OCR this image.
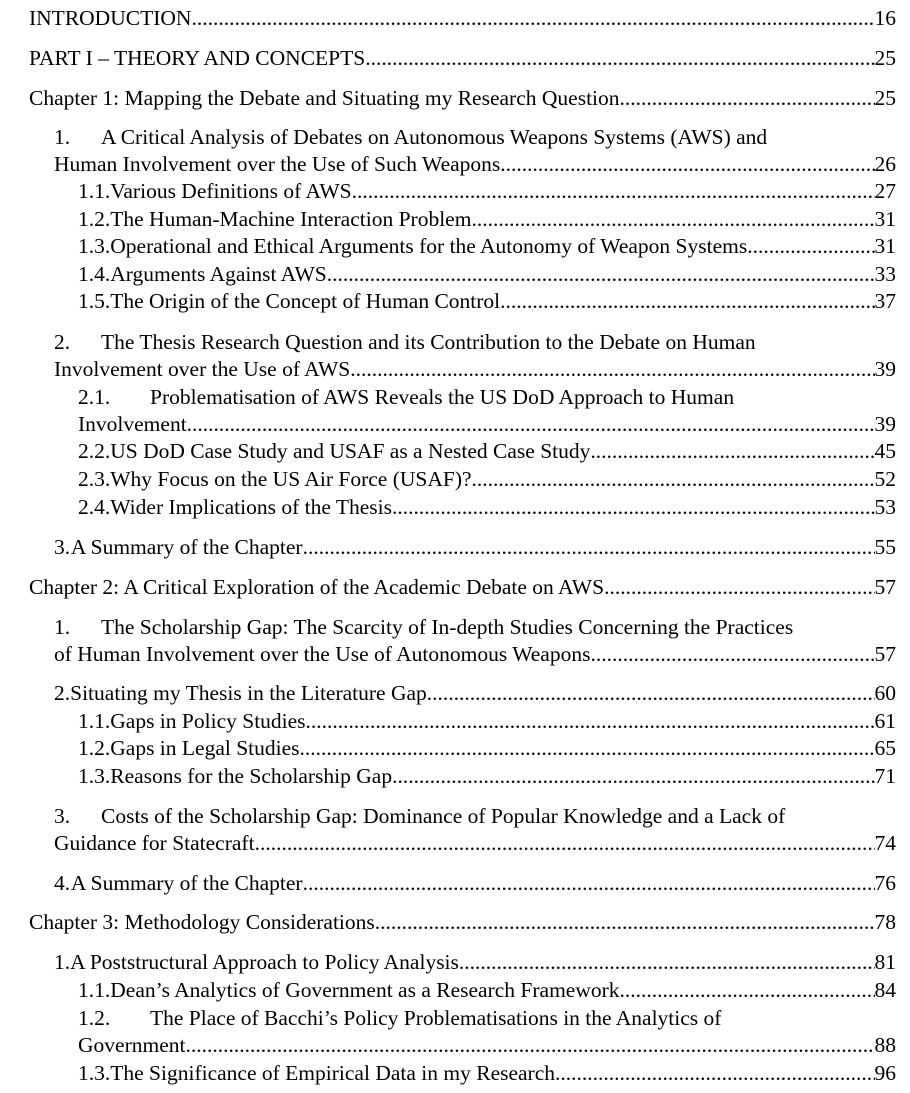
INTRODUCTION .....	16
PART I – THEORY AND CONCEPTS .....	25
Chapter 1: Mapping the Debate and Situating my Research Question .....	25
1.	A Critical Analysis of Debates on Autonomous Weapons Systems (AWS) and
Human Involvement over the Use of Such Weapons .....	26
1.1. Various Definitions of AWS .....	27
1.2. The Human-Machine Interaction Problem .....	31
1.3. Operational and Ethical Arguments for the Autonomy of Weapon Systems .....	31
1.4. Arguments Against AWS .....	33
1.5. The Origin of the Concept of Human Control .....	37
2.	The Thesis Research Question and its Contribution to the Debate on Human
Involvement over the Use of AWS .....	39
2.1.	Problematisation of AWS Reveals the US DoD Approach to Human
Involvement .....	39
2.2. US DoD Case Study and USAF as a Nested Case Study .....	45
2.3. Why Focus on the US Air Force (USAF)? .....	52
2.4. Wider Implications of the Thesis .....	53
3. A Summary of the Chapter .....	55
Chapter 2: A Critical Exploration of the Academic Debate on AWS .....	57
1.	The Scholarship Gap: The Scarcity of In-depth Studies Concerning the Practices
of Human Involvement over the Use of Autonomous Weapons .....	57
2. Situating my Thesis in the Literature Gap .....	60
1.1. Gaps in Policy Studies .....	61
1.2. Gaps in Legal Studies .....	65
1.3. Reasons for the Scholarship Gap .....	71
3.	Costs of the Scholarship Gap: Dominance of Popular Knowledge and a Lack of
Guidance for Statecraft .....	74
4. A Summary of the Chapter .....	76
Chapter 3: Methodology Considerations .....	78
1. A Poststructural Approach to Policy Analysis .....	81
1.1. Dean’s Analytics of Government as a Research Framework .....	84
1.2.	The Place of Bacchi’s Policy Problematisations in the Analytics of
Government .....	88
1.3. The Significance of Empirical Data in my Research .....	96
